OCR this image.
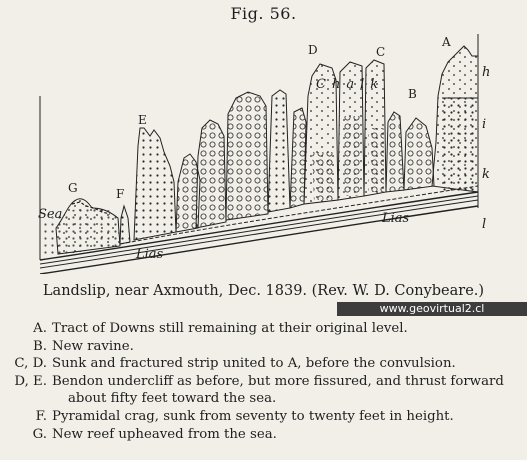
Fig. 56.
A
B
C
D
E
F
G
h
i
k
l
Sea
Chalk
Lias
Lias
Landslip, near Axmouth, Dec. 1839. (Rev. W. D. Conybeare.)
www.geovirtual2.cl
A. Tract of Downs still remaining at their original level.
B. New ravine.
C, D. Sunk and fractured strip united to A, before the convulsion.
D, E. Bendon undercliff as before, but more fissured, and thrust forward
about fifty feet toward the sea.
F. Pyramidal crag, sunk from seventy to twenty feet in height.
G. New reef upheaved from the sea.
